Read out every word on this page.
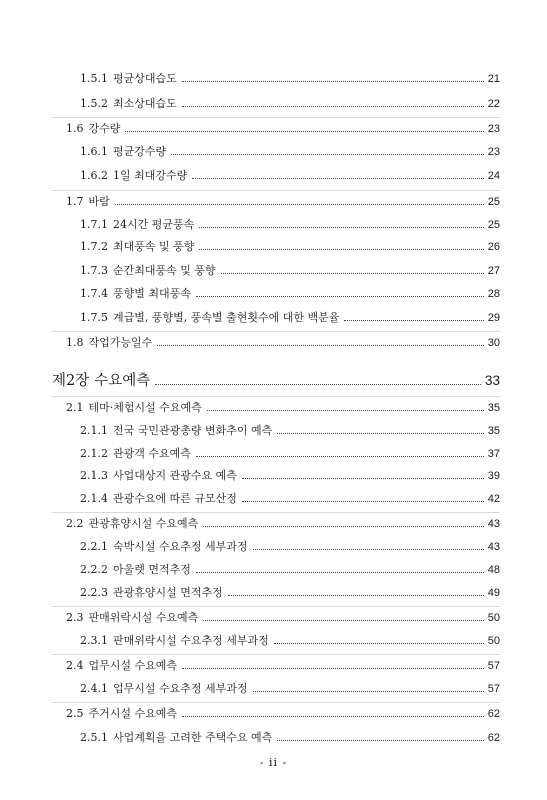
1.5.1 평균상대습도	21
1.5.2 최소상대습도	22
1.6 강수량	23
1.6.1 평균강수량	23
1.6.2 1일 최대강수량	24
1.7 바람	25
1.7.1 24시간 평균풍속	25
1.7.2 최대풍속 및 풍향	26
1.7.3 순간최대풍속 및 풍향	27
1.7.4 풍향별 최대풍속	28
1.7.5 계급별, 풍향별, 풍속별 출현횟수에 대한 백분율	29
1.8 작업가능일수	30
제2장 수요예측	33
2.1 테마·체험시설 수요예측	35
2.1.1 전국 국민관광총량 변화추이 예측	35
2.1.2 관광객 수요예측	37
2.1.3 사업대상지 관광수요 예측	39
2.1.4 관광수요에 따른 규모산정	42
2.2 관광휴양시설 수요예측	43
2.2.1 숙박시설 수요추정 세부과정	43
2.2.2 아울렛 면적추정	48
2.2.3 관광휴양시설 면적추정	49
2.3 판매위락시설 수요예측	50
2.3.1 판매위락시설 수요추정 세부과정	50
2.4 업무시설 수요예측	57
2.4.1 업무시설 수요추정 세부과정	57
2.5 주거시설 수요예측	62
2.5.1 사업계획을 고려한 주택수요 예측	62
- ii -
